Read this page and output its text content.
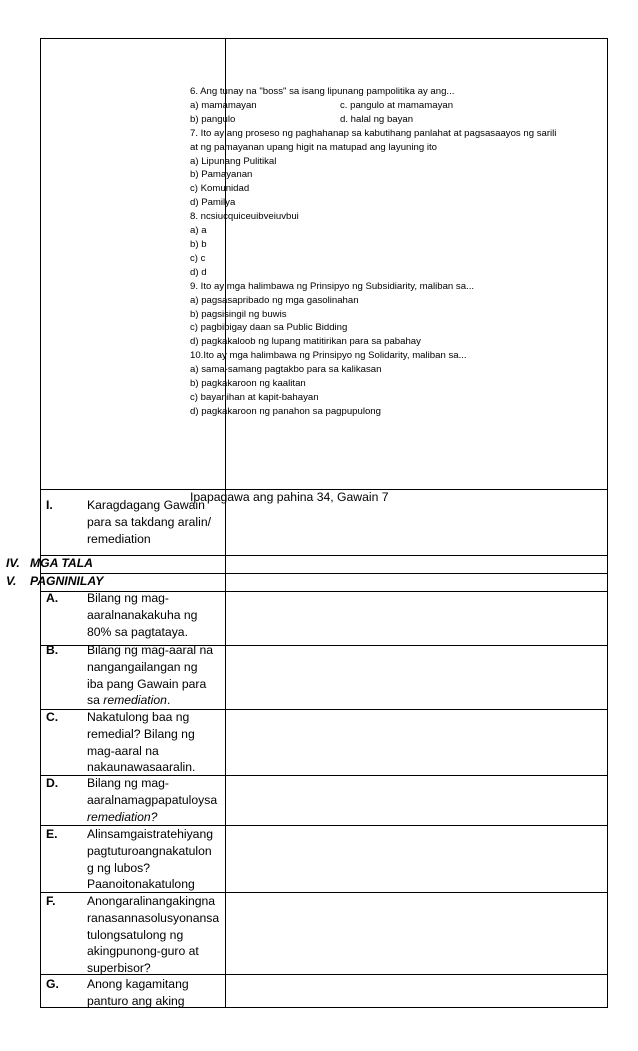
6. Ang tunay na "boss" sa isang lipunang pampolitika ay ang...
a) mamamayan	c. pangulo at mamamayan
b) pangulo	d. halal ng bayan
7. Ito ay ang proseso ng paghahanap sa kabutihang panlahat at pagsasaayos ng sarili at ng pamayanan upang higit na matupad ang layuning ito
a) Lipunang Pulitikal
b) Pamayanan
c) Komunidad
d) Pamilya
8. ncsiucquiceuibveiuvbui
a) a
b) b
c) c
d) d
9. Ito ay mga halimbawa ng Prinsipyo ng Subsidiarity, maliban sa...
a) pagsasapribado ng mga gasolinahan
b) pagsisingil ng buwis
c) pagbibigay daan sa Public Bidding
d) pagkakaloob ng lupang matitirikan para sa pabahay
10.Ito ay mga halimbawa ng Prinsipyo ng Solidarity, maliban sa...
a) sama-samang pagtakbo para sa kalikasan
b) pagkakaroon ng kaalitan
c) bayanihan at kapit-bahayan
d) pagkakaroon ng panahon sa pagpupulong
I.	Karagdagang Gawain
para sa takdang aralin/
remediation
Ipapagawa ang pahina 34, Gawain 7
IV. MGA TALA
V. PAGNINILAY
A. Bilang ng mag-
aaralnanakakuha ng
80% sa pagtataya.
B. Bilang ng mag-aaral na
nangangailangan ng
iba pang Gawain para
sa remediation.
C. Nakatulong baa ng
remedial? Bilang ng
mag-aaral na
nakaunawasaaralin.
D. Bilang ng mag-
aaralnamagpapatuloysa
remediation?
E. Alinsamgaistratehiyang
pagtuturoangnakatulon
g ng lubos?
Paanoitonakatulong
F.	Anongaralinangakingna
ranasannasolusyonansa
tulongsatulong ng
akingpunong-guro at
superbisor?
G. Anong kagamitang
panturo ang aking
